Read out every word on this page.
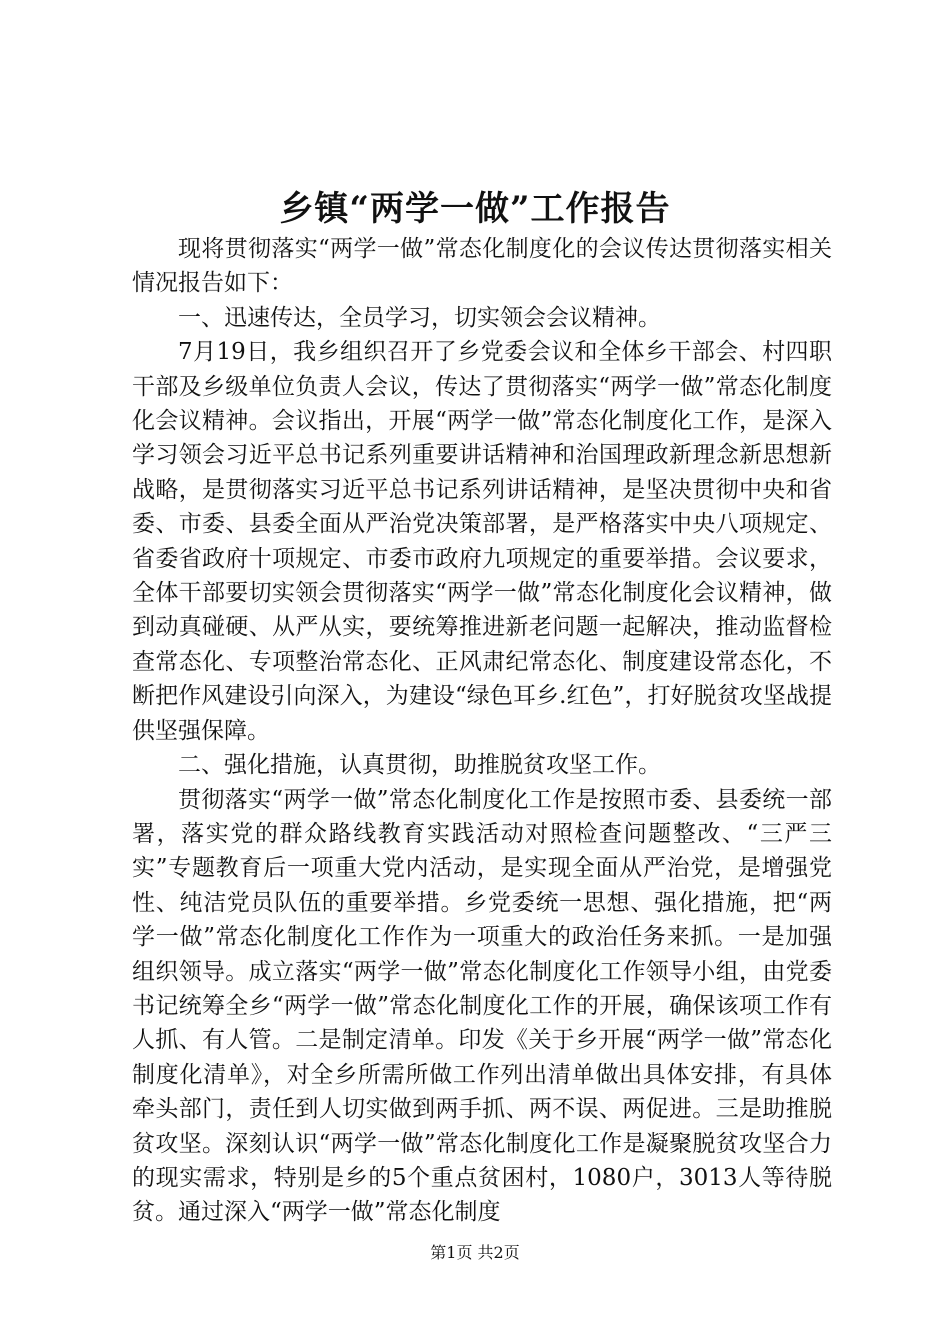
乡镇“两学一做”工作报告

现将贯彻落实“两学一做”常态化制度化的会议传达贯彻落实相关情况报告如下：

一、迅速传达，全员学习，切实领会会议精神。

7月19日，我乡组织召开了乡党委会议和全体乡干部会、村四职干部及乡级单位负责人会议，传达了贯彻落实“两学一做”常态化制度化会议精神。会议指出，开展“两学一做”常态化制度化工作，是深入学习领会习近平总书记系列重要讲话精神和治国理政新理念新思想新战略，是贯彻落实习近平总书记系列讲话精神，是坚决贯彻中央和省委、市委、县委全面从严治党决策部署，是严格落实中央八项规定、省委省政府十项规定、市委市政府九项规定的重要举措。会议要求，全体干部要切实领会贯彻落实“两学一做”常态化制度化会议精神，做到动真碰硬、从严从实，要统筹推进新老问题一起解决，推动监督检查常态化、专项整治常态化、正风肃纪常态化、制度建设常态化，不断把作风建设引向深入，为建设“绿色耳乡.红色”，打好脱贫攻坚战提供坚强保障。

二、强化措施，认真贯彻，助推脱贫攻坚工作。

贯彻落实“两学一做”常态化制度化工作是按照市委、县委统一部署，落实党的群众路线教育实践活动对照检查问题整改、“三严三实”专题教育后一项重大党内活动，是实现全面从严治党，是增强党性、纯洁党员队伍的重要举措。乡党委统一思想、强化措施，把“两学一做”常态化制度化工作作为一项重大的政治任务来抓。一是加强组织领导。成立落实“两学一做”常态化制度化工作领导小组，由党委书记统筹全乡“两学一做”常态化制度化工作的开展，确保该项工作有人抓、有人管。二是制定清单。印发《关于乡开展“两学一做”常态化制度化清单》，对全乡所需所做工作列出清单做出具体安排，有具体牵头部门，责任到人切实做到两手抓、两不误、两促进。三是助推脱贫攻坚。深刻认识“两学一做”常态化制度化工作是凝聚脱贫攻坚合力的现实需求，特别是乡的5个重点贫困村，1080户，3013人等待脱贫。通过深入“两学一做”常态化制度

第1页 共2页
